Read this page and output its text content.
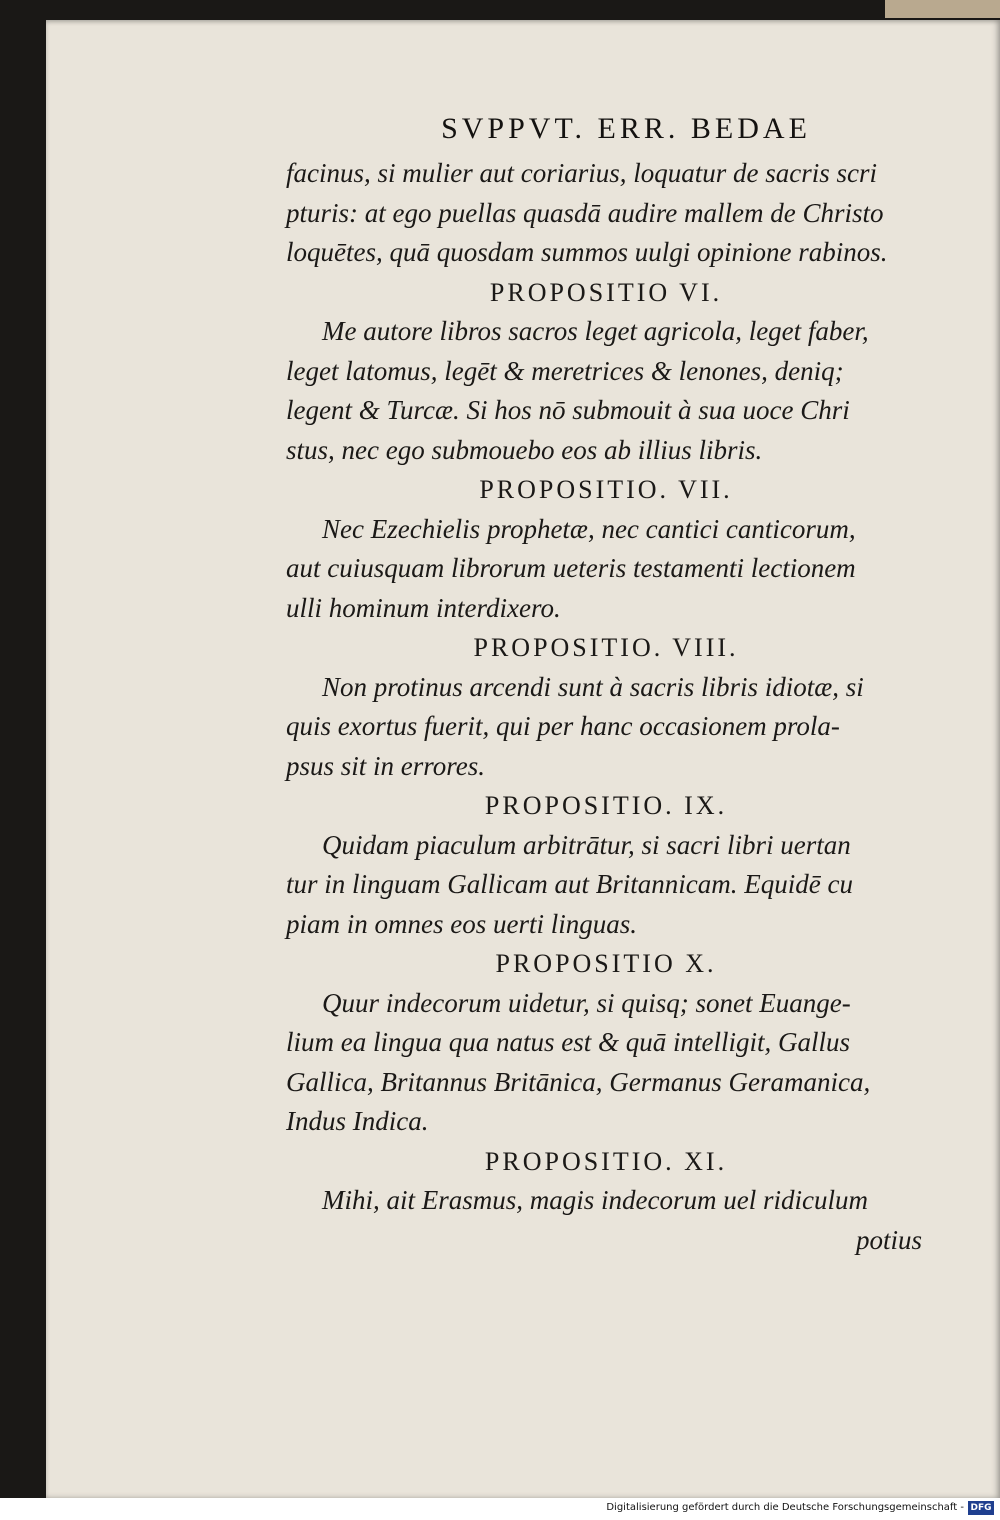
SVPPVT. ERR. BEDAE
facinus, si mulier aut coriarius, loquatur de sacris scri
pturis: at ego puellas quasdā audire mallem de Christo
loquētes, quā quosdam summos uulgi opinione rabinos.
PROPOSITIO VI.
Me autore libros sacros leget agricola, leget faber,
leget latomus, legēt & meretrices & lenones, deniq;
legent & Turcæ. Si hos nō submouit à sua uoce Chri
stus, nec ego submouebo eos ab illius libris.
PROPOSITIO. VII.
Nec Ezechielis prophetæ, nec cantici canticorum,
aut cuiusquam librorum ueteris testamenti lectionem
ulli hominum interdixero.
PROPOSITIO. VIII.
Non protinus arcendi sunt à sacris libris idiotæ, si
quis exortus fuerit, qui per hanc occasionem prola-
psus sit in errores.
PROPOSITIO. IX.
Quidam piaculum arbitrātur, si sacri libri uertan
tur in linguam Gallicam aut Britannicam. Equidē cu
piam in omnes eos uerti linguas.
PROPOSITIO X.
Quur indecorum uidetur, si quisq; sonet Euange-
lium ea lingua qua natus est & quā intelligit, Gallus
Gallica, Britannus Britānica, Germanus Geramanica,
Indus Indica.
PROPOSITIO. XI.
Mihi, ait Erasmus, magis indecorum uel ridiculum
potius
Digitalisierung gefördert durch die Deutsche Forschungsgemeinschaft - DFG
